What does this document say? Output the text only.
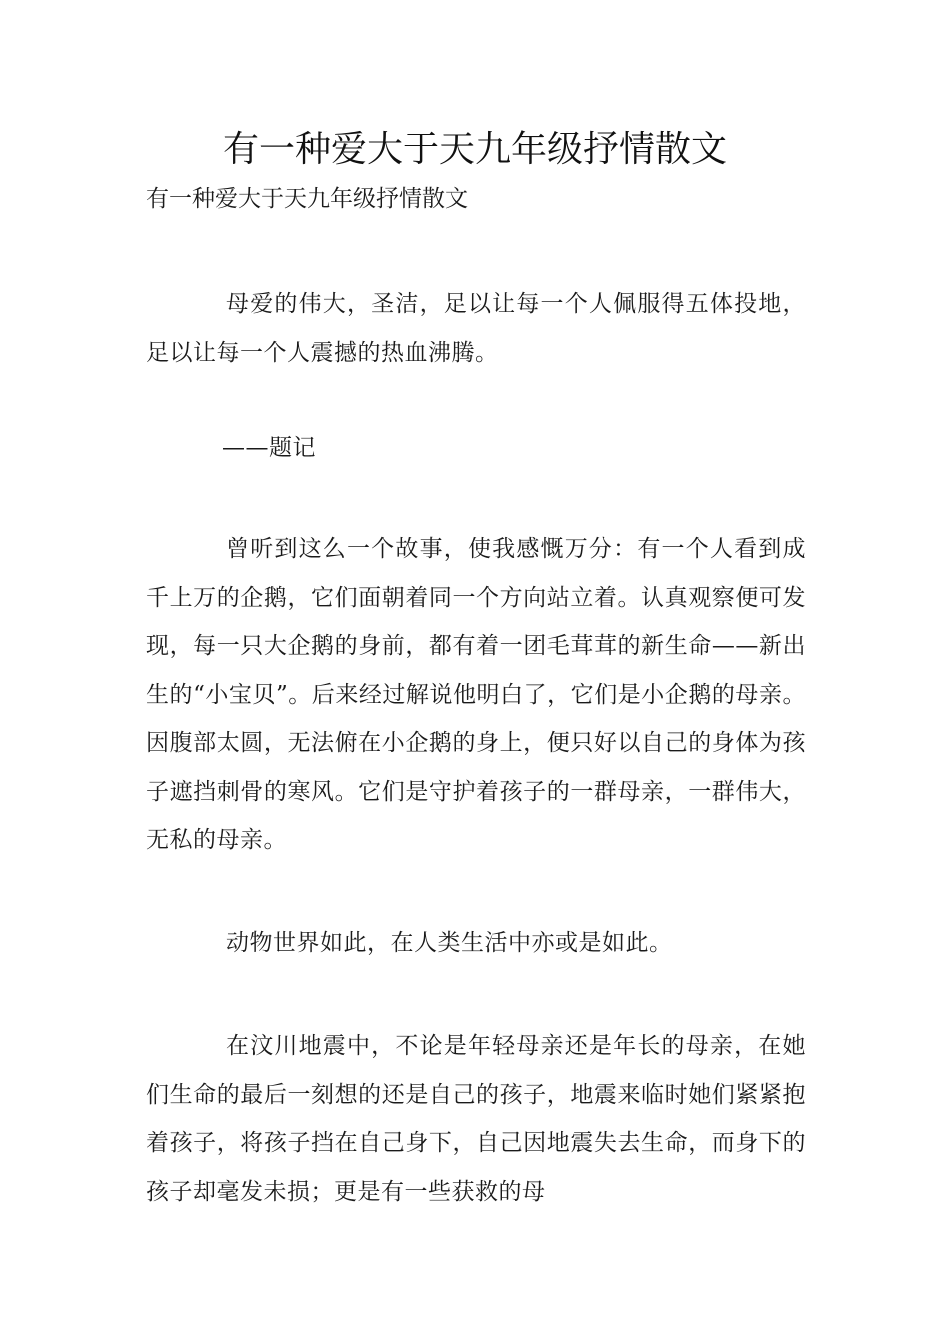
有一种爱大于天九年级抒情散文

有一种爱大于天九年级抒情散文

母爱的伟大，圣洁，足以让每一个人佩服得五体投地，足以让每一个人震撼的热血沸腾。

——题记

曾听到这么一个故事，使我感慨万分：有一个人看到成千上万的企鹅，它们面朝着同一个方向站立着。认真观察便可发现，每一只大企鹅的身前，都有着一团毛茸茸的新生命——新出生的“小宝贝”。后来经过解说他明白了，它们是小企鹅的母亲。因腹部太圆，无法俯在小企鹅的身上，便只好以自己的身体为孩子遮挡刺骨的寒风。它们是守护着孩子的一群母亲，一群伟大，无私的母亲。

动物世界如此，在人类生活中亦或是如此。

在汶川地震中，不论是年轻母亲还是年长的母亲，在她们生命的最后一刻想的还是自己的孩子，地震来临时她们紧紧抱着孩子，将孩子挡在自己身下，自己因地震失去生命，而身下的孩子却毫发未损；更是有一些获救的母
